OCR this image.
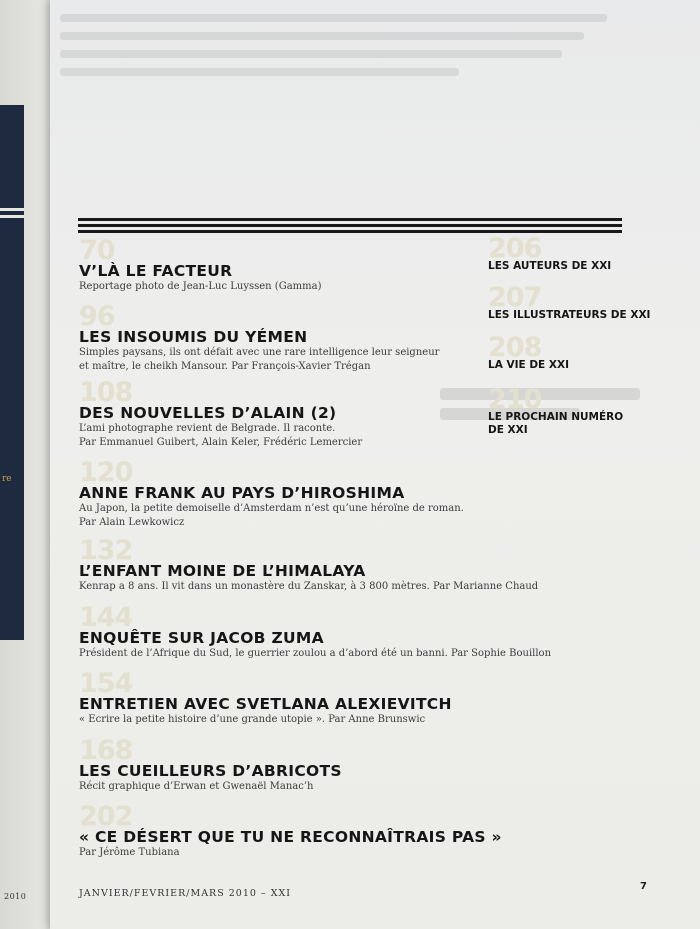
re
2010
70
V’LÀ LE FACTEUR
Reportage photo de Jean-Luc Luyssen (Gamma)
96
LES INSOUMIS DU YÉMEN
Simples paysans, ils ont défait avec une rare intelligence leur seigneur
et maître, le cheikh Mansour. Par François-Xavier Trégan
108
DES NOUVELLES D’ALAIN (2)
L’ami photographe revient de Belgrade. Il raconte.
Par Emmanuel Guibert, Alain Keler, Frédéric Lemercier
120
ANNE FRANK AU PAYS D’HIROSHIMA
Au Japon, la petite demoiselle d’Amsterdam n’est qu’une héroïne de roman.
Par Alain Lewkowicz
132
L’ENFANT MOINE DE L’HIMALAYA
Kenrap a 8 ans. Il vit dans un monastère du Zanskar, à 3 800 mètres. Par Marianne Chaud
144
ENQUÊTE SUR JACOB ZUMA
Président de l’Afrique du Sud, le guerrier zoulou a d’abord été un banni. Par Sophie Bouillon
154
ENTRETIEN AVEC SVETLANA ALEXIEVITCH
« Ecrire la petite histoire d’une grande utopie ». Par Anne Brunswic
168
LES CUEILLEURS D’ABRICOTS
Récit graphique d’Erwan et Gwenaël Manac’h
202
« CE DÉSERT QUE TU NE RECONNAÎTRAIS PAS »
Par Jérôme Tubiana
206
LES AUTEURS DE XXI
207
LES ILLUSTRATEURS DE XXI
208
LA VIE DE XXI
210
LE PROCHAIN NUMÉRO
DE XXI
JANVIER/FEVRIER/MARS 2010 – XXI
7
